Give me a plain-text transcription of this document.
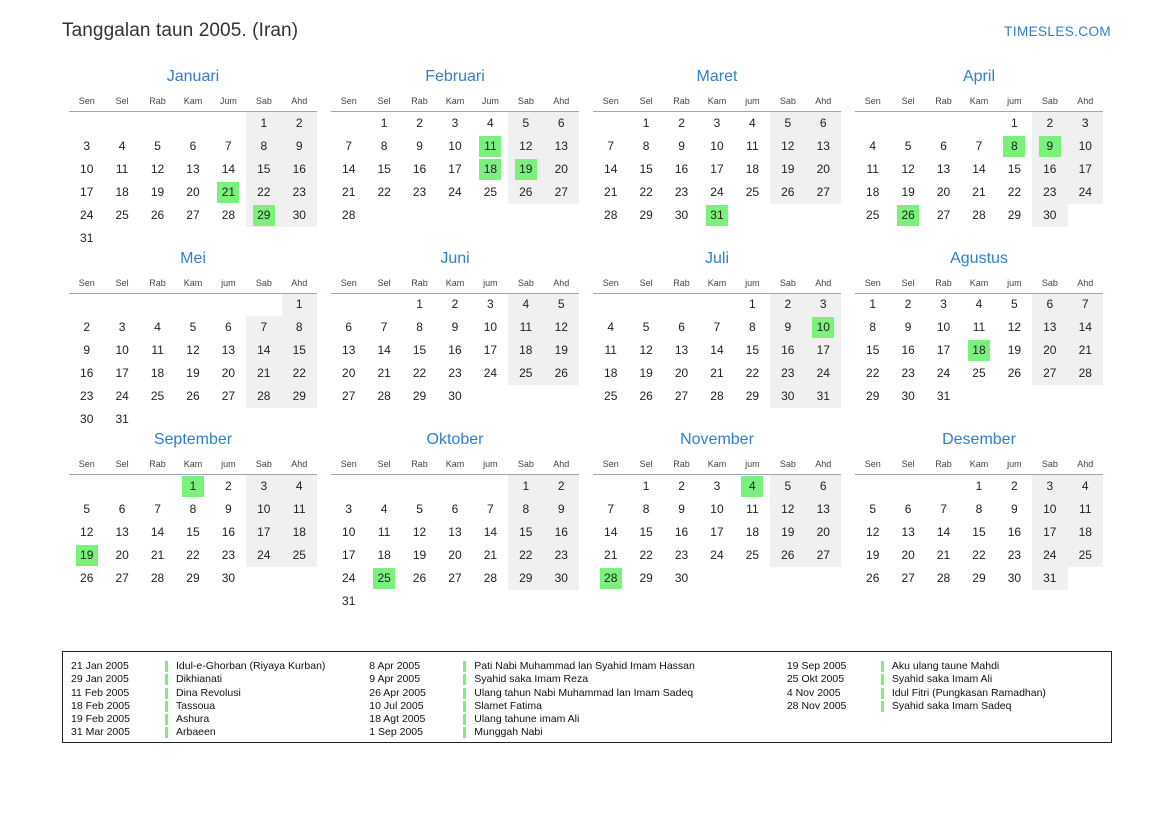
Tanggalan taun 2005. (Iran)	TIMESLES.COM
Januari
Sen	Sel	Rab	Kam	Jum	Sab	Ahd
					1	2
3	4	5	6	7	8	9
10	11	12	13	14	15	16
17	18	19	20	21	22	23
24	25	26	27	28	29	30
31						
Februari
Sen	Sel	Rab	Kam	Jum	Sab	Ahd
	1	2	3	4	5	6
7	8	9	10	11	12	13
14	15	16	17	18	19	20
21	22	23	24	25	26	27
28						
Maret
Sen	Sel	Rab	Kam	jum	Sab	Ahd
	1	2	3	4	5	6
7	8	9	10	11	12	13
14	15	16	17	18	19	20
21	22	23	24	25	26	27
28	29	30	31			
April
Sen	Sel	Rab	Kam	jum	Sab	Ahd
				1	2	3
4	5	6	7	8	9	10
11	12	13	14	15	16	17
18	19	20	21	22	23	24
25	26	27	28	29	30	
Mei
Sen	Sel	Rab	Kam	jum	Sab	Ahd
						1
2	3	4	5	6	7	8
9	10	11	12	13	14	15
16	17	18	19	20	21	22
23	24	25	26	27	28	29
30	31					
Juni
Sen	Sel	Rab	Kam	jum	Sab	Ahd
		1	2	3	4	5
6	7	8	9	10	11	12
13	14	15	16	17	18	19
20	21	22	23	24	25	26
27	28	29	30			
Juli
Sen	Sel	Rab	Kam	jum	Sab	Ahd
				1	2	3
4	5	6	7	8	9	10
11	12	13	14	15	16	17
18	19	20	21	22	23	24
25	26	27	28	29	30	31
Agustus
Sen	Sel	Rab	Kam	jum	Sab	Ahd
1	2	3	4	5	6	7
8	9	10	11	12	13	14
15	16	17	18	19	20	21
22	23	24	25	26	27	28
29	30	31				
September
Sen	Sel	Rab	Kam	jum	Sab	Ahd
			1	2	3	4
5	6	7	8	9	10	11
12	13	14	15	16	17	18
19	20	21	22	23	24	25
26	27	28	29	30		
Oktober
Sen	Sel	Rab	Kam	jum	Sab	Ahd
					1	2
3	4	5	6	7	8	9
10	11	12	13	14	15	16
17	18	19	20	21	22	23
24	25	26	27	28	29	30
31						
November
Sen	Sel	Rab	Kam	jum	Sab	Ahd
	1	2	3	4	5	6
7	8	9	10	11	12	13
14	15	16	17	18	19	20
21	22	23	24	25	26	27
28	29	30				
Desember
Sen	Sel	Rab	Kam	jum	Sab	Ahd
			1	2	3	4
5	6	7	8	9	10	11
12	13	14	15	16	17	18
19	20	21	22	23	24	25
26	27	28	29	30	31	
21 Jan 2005	Idul-e-Ghorban (Riyaya Kurban)
29 Jan 2005	Dikhianati
11 Feb 2005	Dina Revolusi
18 Feb 2005	Tassoua
19 Feb 2005	Ashura
31 Mar 2005	Arbaeen
8 Apr 2005	Pati Nabi Muhammad lan Syahid Imam Hassan
9 Apr 2005	Syahid saka Imam Reza
26 Apr 2005	Ulang tahun Nabi Muhammad lan Imam Sadeq
10 Jul 2005	Slamet Fatima
18 Agt 2005	Ulang tahune imam Ali
1 Sep 2005	Munggah Nabi
19 Sep 2005	Aku ulang taune Mahdi
25 Okt 2005	Syahid saka Imam Ali
4 Nov 2005	Idul Fitri (Pungkasan Ramadhan)
28 Nov 2005	Syahid saka Imam Sadeq
